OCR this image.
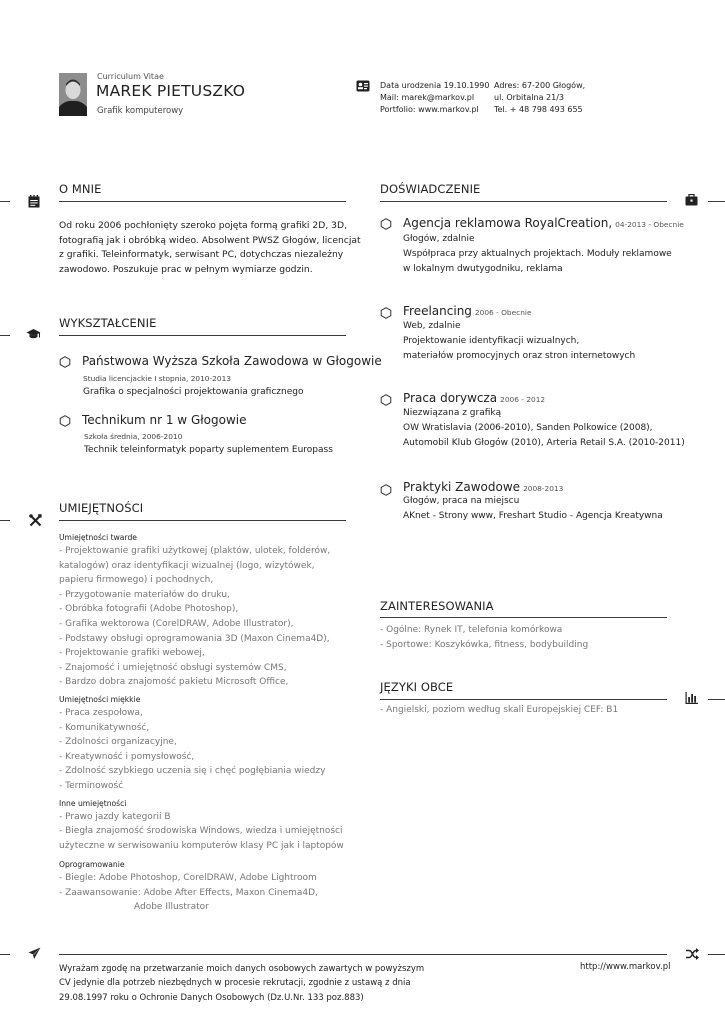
Curriculum Vitae
MAREK PIETUSZKO
Grafik komputerowy
Data urodzenia 19.10.1990
Mail: marek@markov.pl
Portfolio: www.markov.pl
Adres: 67-200 Głogów,
ul. Orbitalna 21/3
Tel. + 48 798 493 655
O MNIE
Od roku 2006 pochłonięty szeroko pojęta formą grafiki 2D, 3D,
fotografią jak i obróbką wideo. Absolwent PWSZ Głogów, licencjat
z grafiki. Teleinformatyk, serwisant PC, dotychczas niezależny
zawodowo. Poszukuje prac w pełnym wymiarze godzin.
DOŚWIADCZENIE
Agencja reklamowa RoyalCreation, 04-2013 - Obecnie
Głogów, zdalnie
Współpraca przy aktualnych projektach. Moduły reklamowe
w lokalnym dwutygodniku, reklama
Freelancing 2006 - Obecnie
Web, zdalnie
Projektowanie identyfikacji wizualnych,
materiałów promocyjnych oraz stron internetowych
Praca dorywcza 2006 - 2012
Niezwiązana z grafiką
OW Wratislavia (2006-2010), Sanden Polkowice (2008),
Automobil Klub Głogów (2010), Arteria Retail S.A. (2010-2011)
Praktyki Zawodowe 2008-2013
Głogów, praca na miejscu
AKnet - Strony www, Freshart Studio - Agencja Kreatywna
WYKSZTAŁCENIE
Państwowa Wyższa Szkoła Zawodowa w Głogowie
Studia licencjackie I stopnia, 2010-2013
Grafika o specjalności projektowania graficznego
Technikum nr 1 w Głogowie
Szkoła średnia, 2006-2010
Technik teleinformatyk poparty suplementem Europass
UMIEJĘTNOŚCI
Umiejętności twarde
- Projektowanie grafiki użytkowej (plaktów, ulotek, folderów,
katalogów) oraz identyfikacji wizualnej (logo, wizytówek,
papieru firmowego) i pochodnych,
- Przygotowanie materiałów do druku,
- Obróbka fotografii (Adobe Photoshop),
- Grafika wektorowa (CorelDRAW, Adobe Illustrator),
- Podstawy obsługi oprogramowania 3D (Maxon Cinema4D),
- Projektowanie grafiki webowej,
- Znajomość i umiejętność obsługi systemów CMS,
- Bardzo dobra znajomość pakietu Microsoft Office,
Umiejętności miękkie
- Praca zespołowa,
- Komunikatywność,
- Zdolności organizacyjne,
- Kreatywność i pomysłowość,
- Zdolność szybkiego uczenia się i chęć pogłębiania wiedzy
- Terminowość
Inne umiejętności
- Prawo jazdy kategorii B
- Biegła znajomość środowiska Windows, wiedza i umiejętności
użyteczne w serwisowaniu komputerów klasy PC jak i laptopów
Oprogramowanie
- Biegle: Adobe Photoshop, CorelDRAW, Adobe Lightroom
- Zaawansowanie: Adobe After Effects, Maxon Cinema4D,
Adobe Illustrator
ZAINTERESOWANIA
- Ogólne: Rynek IT, telefonia komórkowa
- Sportowe: Koszykówka, fitness, bodybuilding
JĘZYKI OBCE
- Angielski, poziom według skali Europejskiej CEF: B1
Wyrażam zgodę na przetwarzanie moich danych osobowych zawartych w powyższym
CV jedynie dla potrzeb niezbędnych w procesie rekrutacji, zgodnie z ustawą z dnia
29.08.1997 roku o Ochronie Danych Osobowych (Dz.U.Nr. 133 poz.883)
http://www.markov.pl
